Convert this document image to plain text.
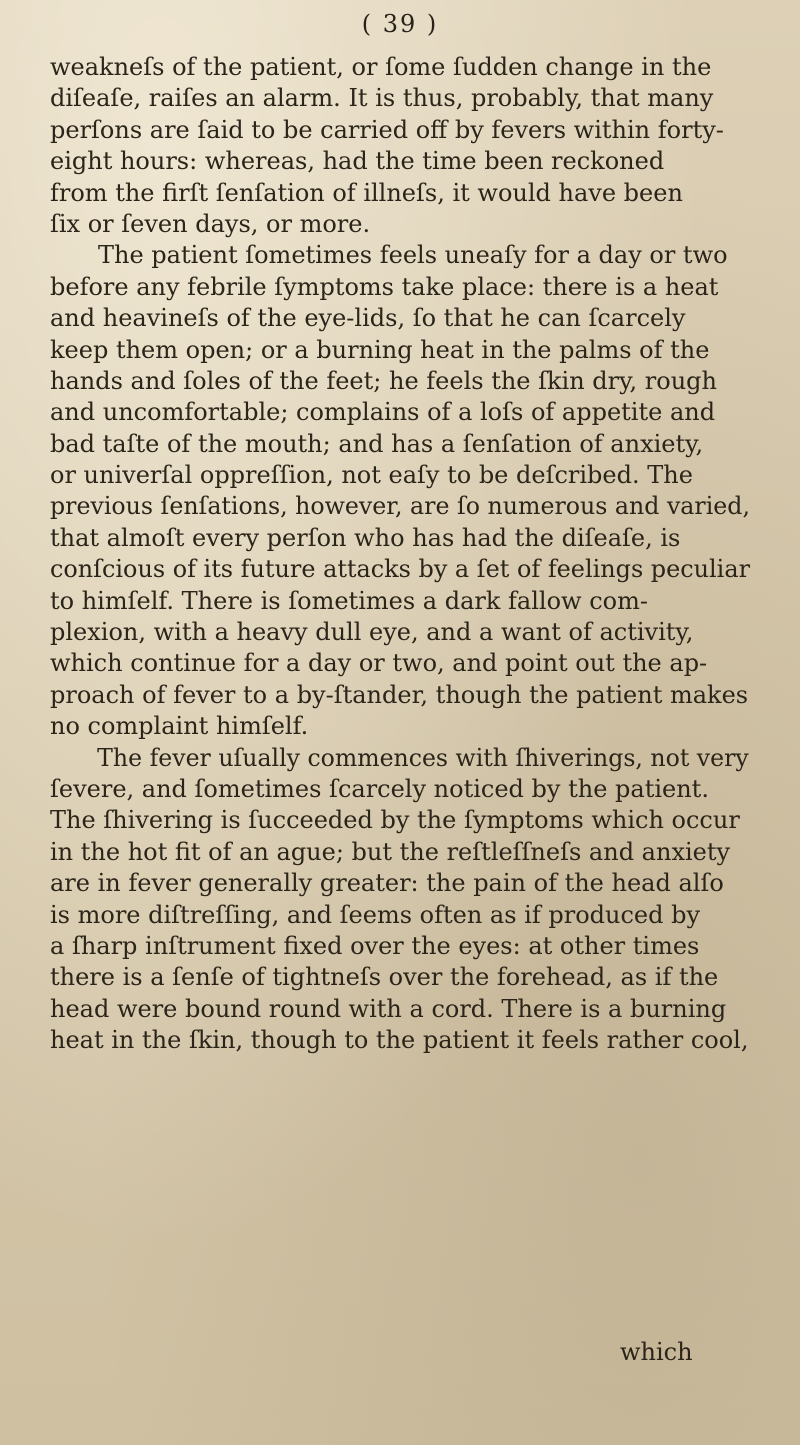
( 39 )
weakneſs of the patient, or ſome ſudden change in the
diſeaſe, raiſes an alarm. It is thus, probably, that many
perſons are ſaid to be carried off by fevers within forty-
eight hours: whereas, had the time been reckoned
from the firſt ſenſation of illneſs, it would have been
ſix or ſeven days, or more.
The patient ſometimes feels uneaſy for a day or two
before any febrile ſymptoms take place: there is a heat
and heavineſs of the eye-lids, ſo that he can ſcarcely
keep them open; or a burning heat in the palms of the
hands and ſoles of the feet; he feels the ſkin dry, rough
and uncomfortable; complains of a loſs of appetite and
bad taſte of the mouth; and has a ſenſation of anxiety,
or univerſal oppreſſion, not eaſy to be deſcribed. The
previous ſenſations, however, are ſo numerous and varied,
that almoſt every perſon who has had the diſeaſe, is
conſcious of its future attacks by a ſet of feelings peculiar
to himſelf. There is ſometimes a dark fallow com-
plexion, with a heavy dull eye, and a want of activity,
which continue for a day or two, and point out the ap-
proach of fever to a by-ſtander, though the patient makes
no complaint himſelf.
The fever uſually commences with ſhiverings, not very
ſevere, and ſometimes ſcarcely noticed by the patient.
The ſhivering is ſucceeded by the ſymptoms which occur
in the hot fit of an ague; but the reſtleſſneſs and anxiety
are in fever generally greater: the pain of the head alſo
is more diſtreſſing, and ſeems often as if produced by
a ſharp inſtrument fixed over the eyes: at other times
there is a ſenſe of tightneſs over the forehead, as if the
head were bound round with a cord. There is a burning
heat in the ſkin, though to the patient it feels rather cool,
which
